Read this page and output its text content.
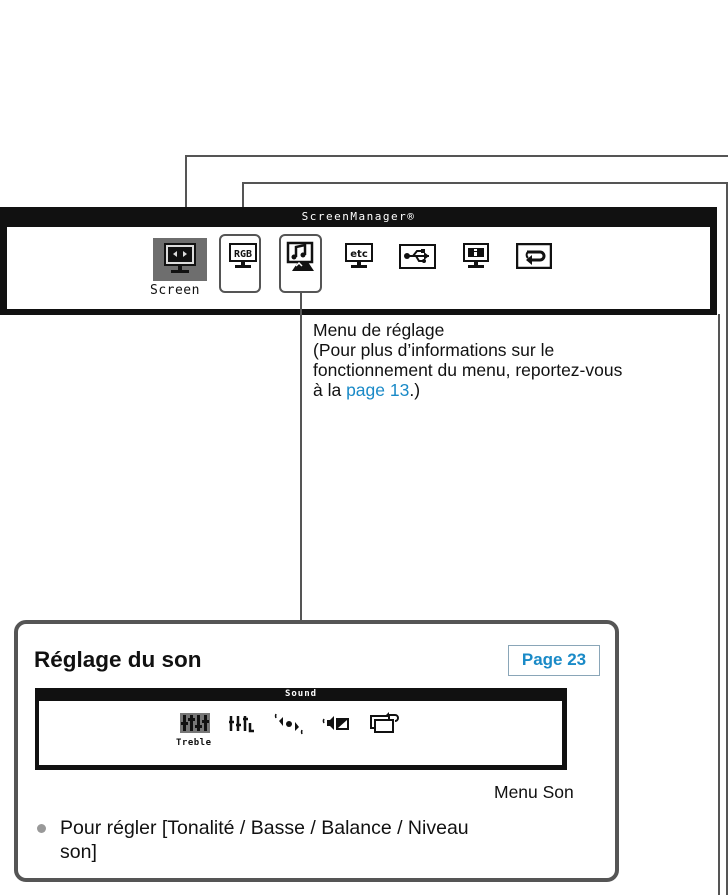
ScreenManager®
Screen
RGB	etc
Menu de réglage
(Pour plus d’informations sur le
fonctionnement du menu, reportez-vous
à la page 13.)
Réglage du son	Page 23
Sound
Treble
Menu Son
Pour régler [Tonalité / Basse / Balance / Niveau
son]
